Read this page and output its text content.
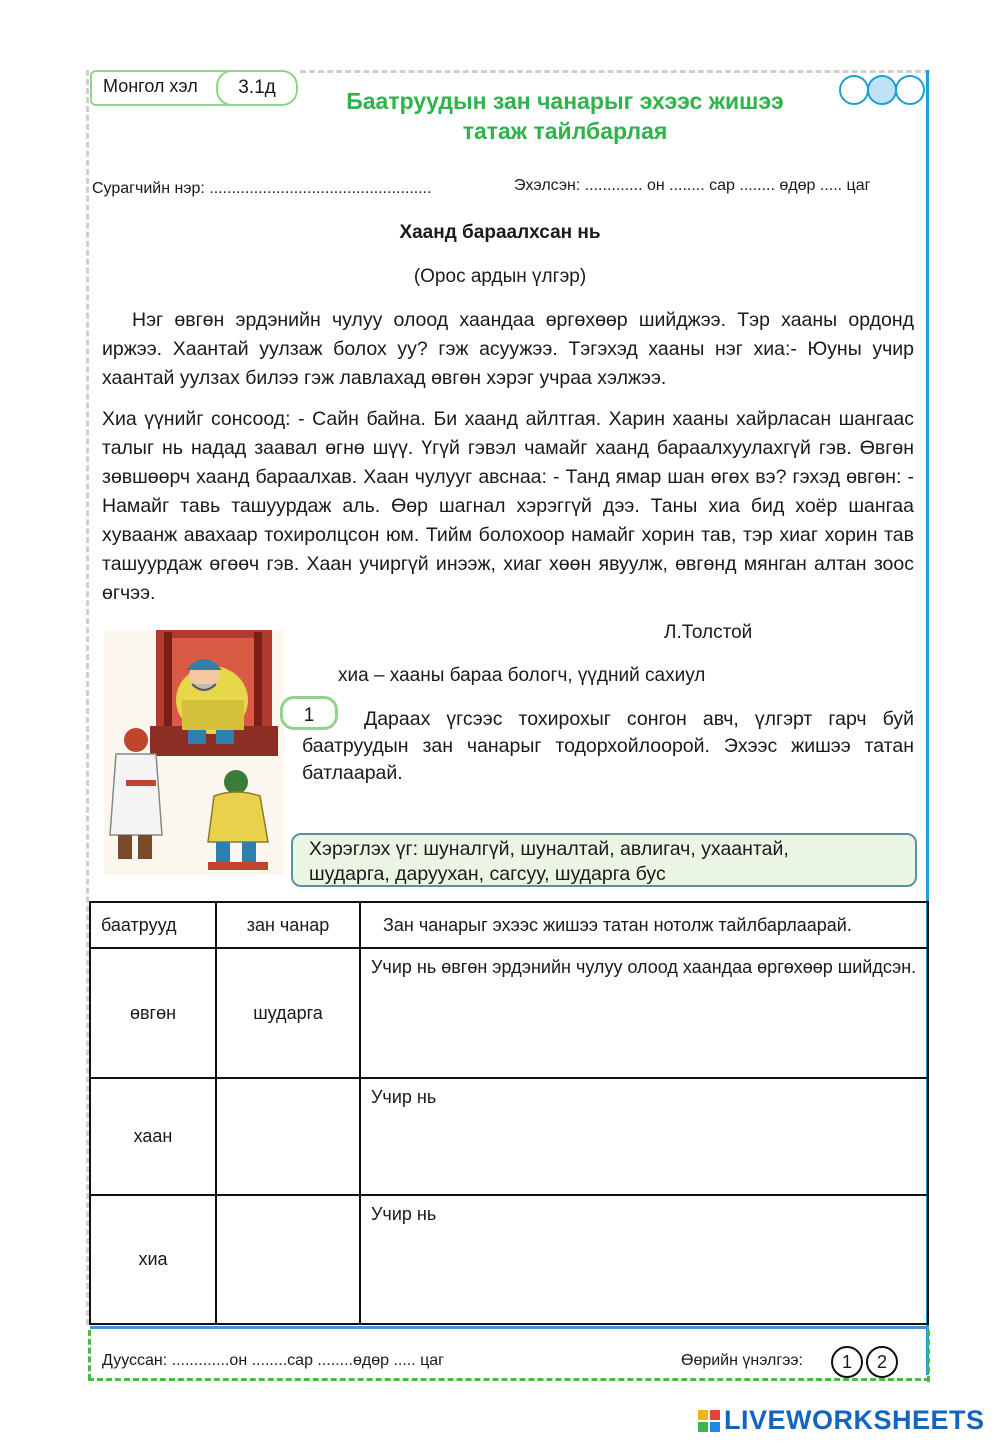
Монгол хэл	3.1д
Баатруудын зан чанарыг эхээс жишээ
татаж тайлбарлая
Сурагчийн нэр: ..................................................	Эхэлсэн: ............. он ........ сар ........ өдөр ..... цаг
Хаанд бараалхсан нь
(Орос ардын үлгэр)
Нэг өвгөн эрдэнийн чулуу олоод хаандаа өргөхөөр шийджээ. Тэр хааны ордонд иржээ. Хаантай уулзаж болох уу? гэж асуужээ. Тэгэхэд хааны нэг хиа:- Юуны учир хаантай уулзах билээ гэж лавлахад өвгөн хэрэг учраа хэлжээ.
Хиа үүнийг сонсоод: - Сайн байна. Би хаанд айлтгая. Харин хааны хайрласан шангаас талыг нь надад заавал өгнө шүү. Үгүй гэвэл чамайг хаанд бараалхуулахгүй гэв. Өвгөн зөвшөөрч хаанд бараалхав. Хаан чулууг авснаа: - Танд ямар шан өгөх вэ? гэхэд өвгөн: - Намайг тавь ташуурдаж аль. Өөр шагнал хэрэггүй дээ. Таны хиа бид хоёр шангаа хуваанж авахаар тохиролцсон юм. Тийм болохоор намайг хорин тав, тэр хиаг хорин тав ташуурдаж өгөөч гэв. Хаан учиргүй инээж, хиаг хөөн явуулж, өвгөнд мянган алтан зоос өгчээ.
Л.Толстой
хиа – хааны бараа бологч, үүдний сахиул
Дараах үгсээс тохирохыг сонгон авч, үлгэрт гарч буй баатруудын зан чанарыг тодорхойлоорой. Эхээс жишээ татан батлаарай.
1
Хэрэглэх үг: шуналгүй, шуналтай, авлигач, ухаантай,
шударга, даруухан, сагсуу, шударга бус
баатрууд	зан чанар	Зан чанарыг эхээс жишээ татан нотолж тайлбарлаарай.
өвгөн	шударга	Учир нь өвгөн эрдэнийн чулуу олоод хаандаа өргөхөөр шийдсэн.
хаан		Учир нь
хиа		Учир нь
Дууссан: .............он ........сар ........өдөр ..... цаг	Өөрийн үнэлгээ:	1	2
LIVEWORKSHEETS
